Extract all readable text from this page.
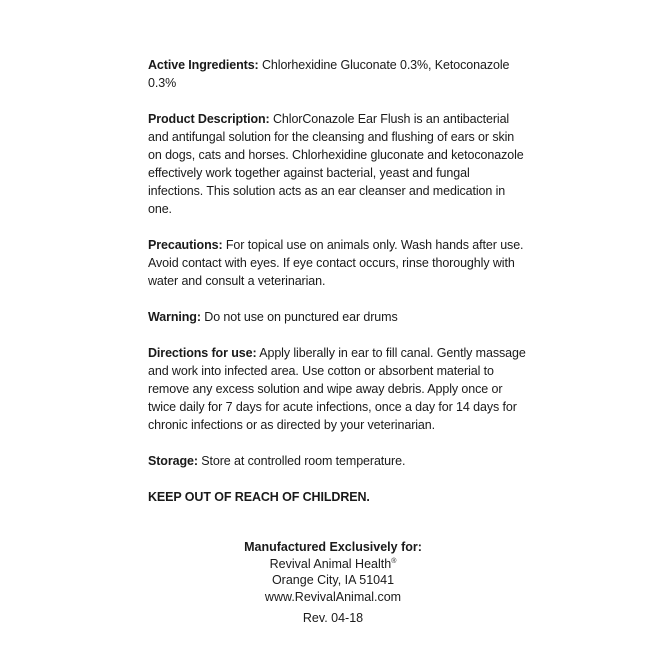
Active Ingredients: Chlorhexidine Gluconate 0.3%, Ketoconazole 0.3%

Product Description: ChlorConazole Ear Flush is an antibacterial and antifungal solution for the cleansing and flushing of ears or skin on dogs, cats and horses. Chlorhexidine gluconate and ketoconazole effectively work together against bacterial, yeast and fungal infections. This solution acts as an ear cleanser and medication in one.

Precautions: For topical use on animals only. Wash hands after use. Avoid contact with eyes. If eye contact occurs, rinse thoroughly with water and consult a veterinarian.

Warning: Do not use on punctured ear drums

Directions for use: Apply liberally in ear to fill canal. Gently massage and work into infected area. Use cotton or absorbent material to remove any excess solution and wipe away debris. Apply once or twice daily for 7 days for acute infections, once a day for 14 days for chronic infections or as directed by your veterinarian.

Storage: Store at controlled room temperature.

KEEP OUT OF REACH OF CHILDREN.

Manufactured Exclusively for:
Revival Animal Health®
Orange City, IA 51041
www.RevivalAnimal.com
Rev. 04-18
